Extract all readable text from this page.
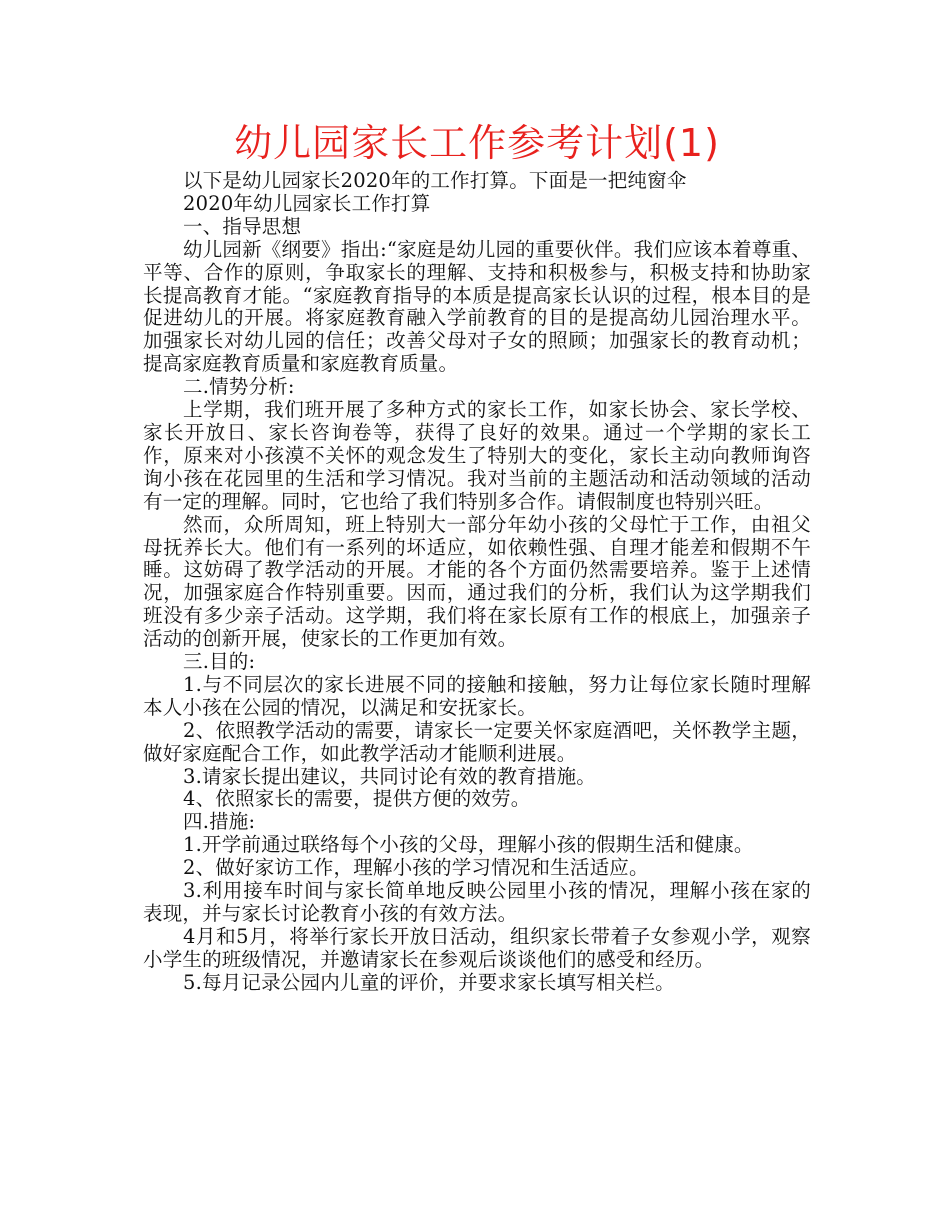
幼儿园家长工作参考计划(1)

以下是幼儿园家长2020年的工作打算。下面是一把纯窗伞

2020年幼儿园家长工作打算

一、指导思想

幼儿园新《纲要》指出:“家庭是幼儿园的重要伙伴。我们应该本着尊重、平等、合作的原则，争取家长的理解、支持和积极参与，积极支持和协助家长提高教育才能。“家庭教育指导的本质是提高家长认识的过程，根本目的是促进幼儿的开展。将家庭教育融入学前教育的目的是提高幼儿园治理水平。加强家长对幼儿园的信任；改善父母对子女的照顾；加强家长的教育动机；提高家庭教育质量和家庭教育质量。

二.情势分析:

上学期，我们班开展了多种方式的家长工作，如家长协会、家长学校、家长开放日、家长咨询卷等，获得了良好的效果。通过一个学期的家长工作，原来对小孩漠不关怀的观念发生了特别大的变化，家长主动向教师询咨询小孩在花园里的生活和学习情况。我对当前的主题活动和活动领域的活动有一定的理解。同时，它也给了我们特别多合作。请假制度也特别兴旺。

然而，众所周知，班上特别大一部分年幼小孩的父母忙于工作，由祖父母抚养长大。他们有一系列的坏适应，如依赖性强、自理才能差和假期不午睡。这妨碍了教学活动的开展。才能的各个方面仍然需要培养。鉴于上述情况，加强家庭合作特别重要。因而，通过我们的分析，我们认为这学期我们班没有多少亲子活动。这学期，我们将在家长原有工作的根底上，加强亲子活动的创新开展，使家长的工作更加有效。

三.目的:

1.与不同层次的家长进展不同的接触和接触，努力让每位家长随时理解本人小孩在公园的情况，以满足和安抚家长。

2、依照教学活动的需要，请家长一定要关怀家庭酒吧，关怀教学主题，做好家庭配合工作，如此教学活动才能顺利进展。

3.请家长提出建议，共同讨论有效的教育措施。

4、依照家长的需要，提供方便的效劳。

四.措施:

1.开学前通过联络每个小孩的父母，理解小孩的假期生活和健康。

2、做好家访工作，理解小孩的学习情况和生活适应。

3.利用接车时间与家长简单地反映公园里小孩的情况，理解小孩在家的表现，并与家长讨论教育小孩的有效方法。

4月和5月，将举行家长开放日活动，组织家长带着子女参观小学，观察小学生的班级情况，并邀请家长在参观后谈谈他们的感受和经历。

5.每月记录公园内儿童的评价，并要求家长填写相关栏。
